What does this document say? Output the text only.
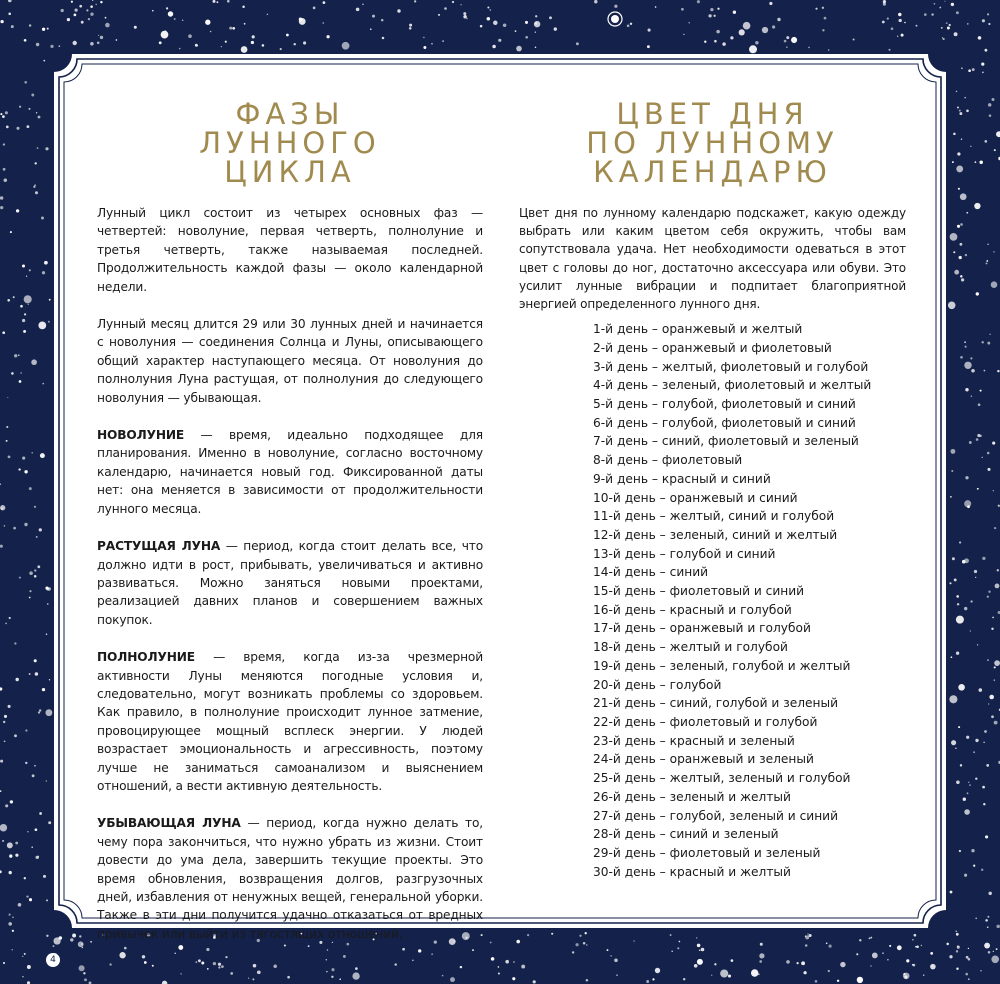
ФАЗЫ
ЛУННОГО
ЦИКЛА

Лунный цикл состоит из четырех основных фаз — четвертей: новолуние, первая четверть, полнолуние и третья четверть, также называемая последней. Продолжительность каждой фазы — около календарной недели.

Лунный месяц длится 29 или 30 лунных дней и начинается с новолуния — соединения Солнца и Луны, описывающего общий характер наступающего месяца. От новолуния до полнолуния Луна растущая, от полнолуния до следующего новолуния — убывающая.

НОВОЛУНИЕ — время, идеально подходящее для планирования. Именно в новолуние, согласно восточному календарю, начинается новый год. Фиксированной даты нет: она меняется в зависимости от продолжительности лунного месяца.

РАСТУЩАЯ ЛУНА — период, когда стоит делать все, что должно идти в рост, прибывать, увеличиваться и активно развиваться. Можно заняться новыми проектами, реализацией давних планов и совершением важных покупок.

ПОЛНОЛУНИЕ — время, когда из-за чрезмерной активности Луны меняются погодные условия и, следовательно, могут возникать проблемы со здоровьем. Как правило, в полнолуние происходит лунное затмение, провоцирующее мощный всплеск энергии. У людей возрастает эмоциональность и агрессивность, поэтому лучше не заниматься самоанализом и выяснением отношений, а вести активную деятельность.

УБЫВАЮЩАЯ ЛУНА — период, когда нужно делать то, чему пора закончиться, что нужно убрать из жизни. Стоит довести до ума дела, завершить текущие проекты. Это время обновления, возвращения долгов, разгрузочных дней, избавления от ненужных вещей, генеральной уборки. Также в эти дни получится удачно отказаться от вредных привычек или выйти из тягостящих отношений.

ЦВЕТ ДНЯ
ПО ЛУННОМУ
КАЛЕНДАРЮ

Цвет дня по лунному календарю подскажет, какую одежду выбрать или каким цветом себя окружить, чтобы вам сопутствовала удача. Нет необходимости одеваться в этот цвет с головы до ног, достаточно аксессуара или обуви. Это усилит лунные вибрации и подпитает благоприятной энергией определенного лунного дня.

1-й день – оранжевый и желтый
2-й день – оранжевый и фиолетовый
3-й день – желтый, фиолетовый и голубой
4-й день – зеленый, фиолетовый и желтый
5-й день – голубой, фиолетовый и синий
6-й день – голубой, фиолетовый и синий
7-й день – синий, фиолетовый и зеленый
8-й день – фиолетовый
9-й день – красный и синий
10-й день – оранжевый и синий
11-й день – желтый, синий и голубой
12-й день – зеленый, синий и желтый
13-й день – голубой и синий
14-й день – синий
15-й день – фиолетовый и синий
16-й день – красный и голубой
17-й день – оранжевый и голубой
18-й день – желтый и голубой
19-й день – зеленый, голубой и желтый
20-й день – голубой
21-й день – синий, голубой и зеленый
22-й день – фиолетовый и голубой
23-й день – красный и зеленый
24-й день – оранжевый и зеленый
25-й день – желтый, зеленый и голубой
26-й день – зеленый и желтый
27-й день – голубой, зеленый и синий
28-й день – синий и зеленый
29-й день – фиолетовый и зеленый
30-й день – красный и желтый
4
